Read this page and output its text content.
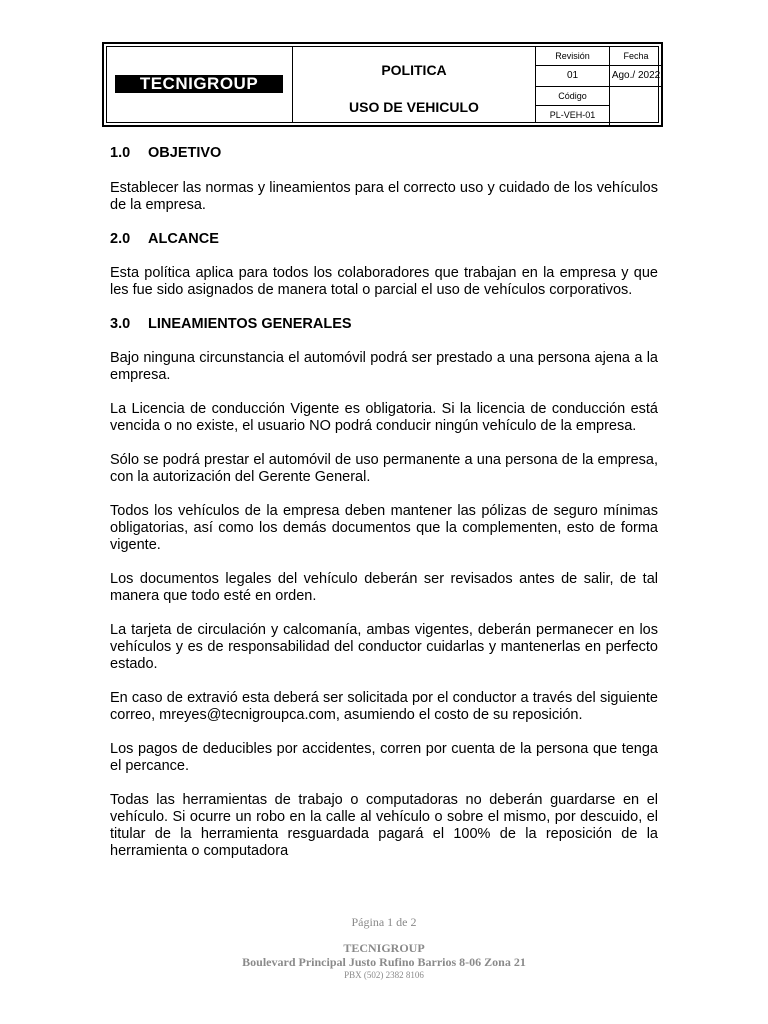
TECNIGROUP
POLITICA
USO DE VEHICULO
Revisión
01
Código
PL-VEH-01
Fecha
Ago./ 2022
1.0 OBJETIVO

Establecer las normas y lineamientos para el correcto uso y cuidado de los vehículos de la empresa.

2.0 ALCANCE

Esta política aplica para todos los colaboradores que trabajan en la empresa y que les fue sido asignados de manera total o parcial el uso de vehículos corporativos.

3.0 LINEAMIENTOS GENERALES

Bajo ninguna circunstancia el automóvil podrá ser prestado a una persona ajena a la empresa.

La Licencia de conducción Vigente es obligatoria. Si la licencia de conducción está vencida o no existe, el usuario NO podrá conducir ningún vehículo de la empresa.

Sólo se podrá prestar el automóvil de uso permanente a una persona de la empresa, con la autorización del Gerente General.

Todos los vehículos de la empresa deben mantener las pólizas de seguro mínimas obligatorias, así como los demás documentos que la complementen, esto de forma vigente.

Los documentos legales del vehículo deberán ser revisados antes de salir, de tal manera que todo esté en orden.

La tarjeta de circulación y calcomanía, ambas vigentes, deberán permanecer en los vehículos y es de responsabilidad del conductor cuidarlas y mantenerlas en perfecto estado.

En caso de extravió esta deberá ser solicitada por el conductor a través del siguiente correo, mreyes@tecnigroupca.com, asumiendo el costo de su reposición.

Los pagos de deducibles por accidentes, corren por cuenta de la persona que tenga el percance.

Todas las herramientas de trabajo o computadoras no deberán guardarse en el vehículo. Si ocurre un robo en la calle al vehículo o sobre el mismo, por descuido, el titular de la herramienta resguardada pagará el 100% de la reposición de la herramienta o computadora

Página 1 de 2
TECNIGROUP
Boulevard Principal Justo Rufino Barrios 8-06 Zona 21
PBX (502) 2382 8106
